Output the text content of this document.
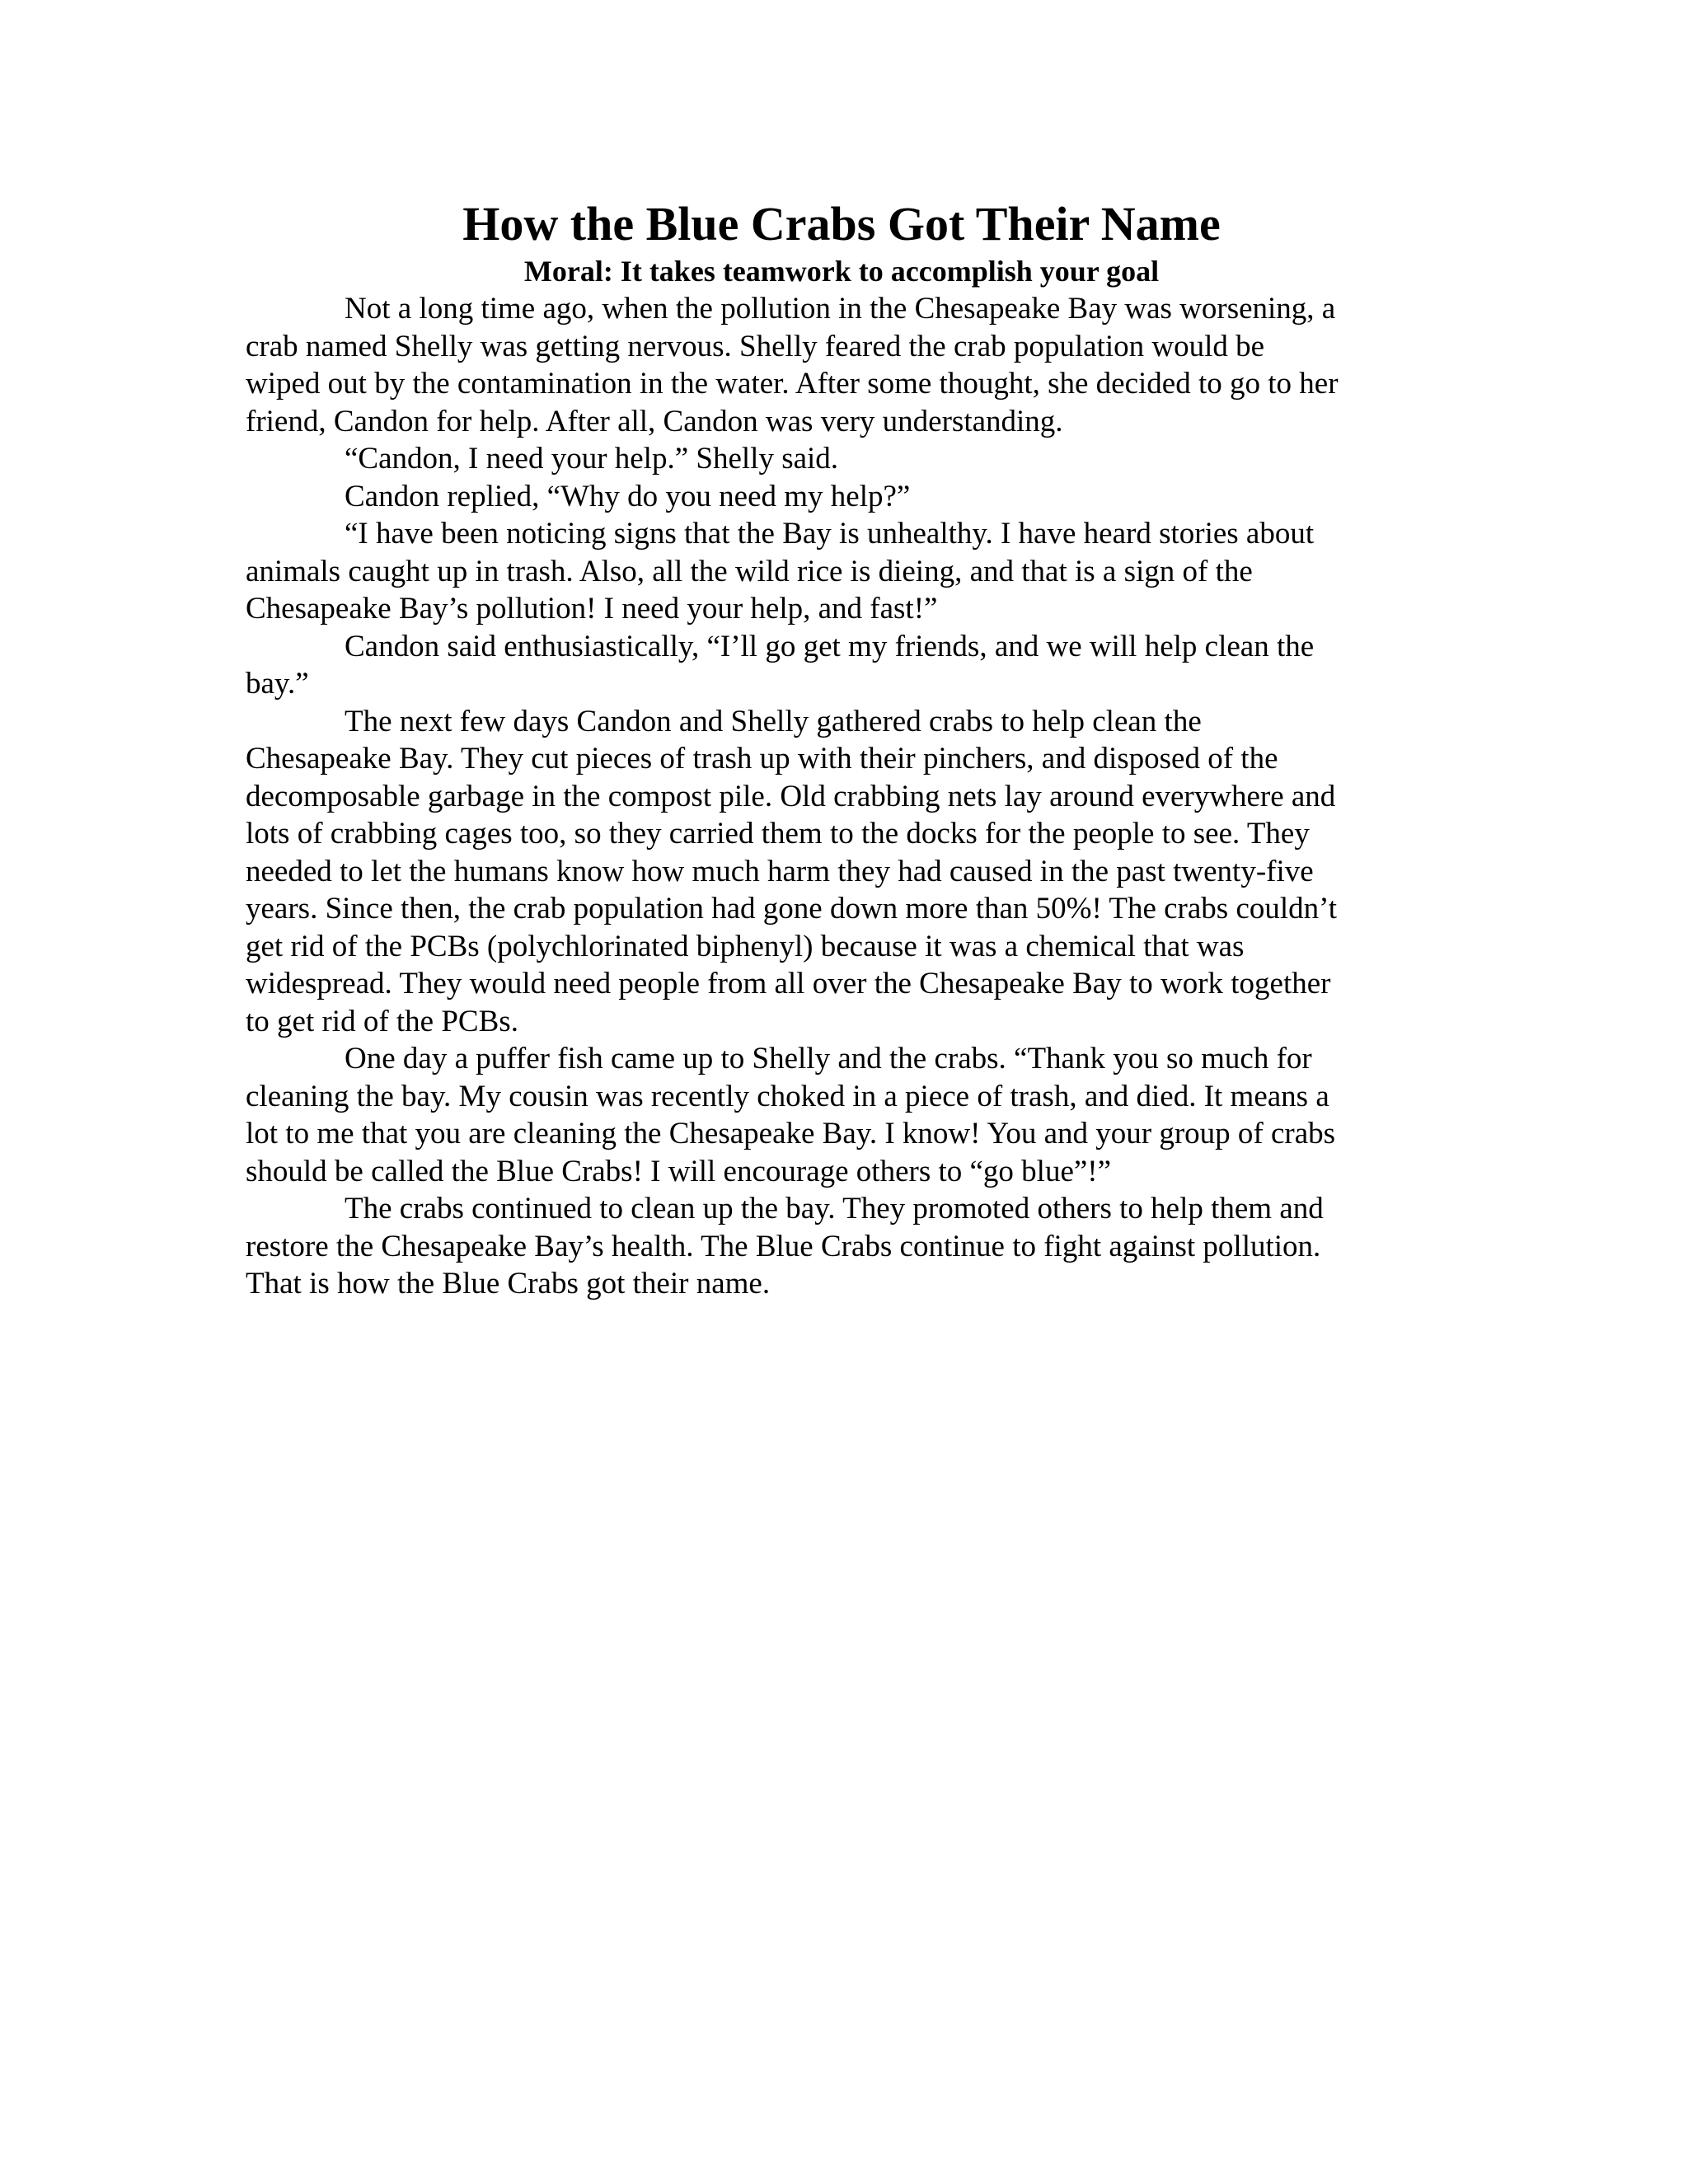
How the Blue Crabs Got Their Name
Moral: It takes teamwork to accomplish your goal

Not a long time ago, when the pollution in the Chesapeake Bay was worsening, a
crab named Shelly was getting nervous. Shelly feared the crab population would be
wiped out by the contamination in the water. After some thought, she decided to go to her
friend, Candon for help. After all, Candon was very understanding.

“Candon, I need your help.” Shelly said.

Candon replied, “Why do you need my help?”

“I have been noticing signs that the Bay is unhealthy. I have heard stories about
animals caught up in trash. Also, all the wild rice is dieing, and that is a sign of the
Chesapeake Bay’s pollution! I need your help, and fast!”

Candon said enthusiastically, “I’ll go get my friends, and we will help clean the
bay.”

The next few days Candon and Shelly gathered crabs to help clean the
Chesapeake Bay. They cut pieces of trash up with their pinchers, and disposed of the
decomposable garbage in the compost pile. Old crabbing nets lay around everywhere and
lots of crabbing cages too, so they carried them to the docks for the people to see. They
needed to let the humans know how much harm they had caused in the past twenty-five
years. Since then, the crab population had gone down more than 50%! The crabs couldn’t
get rid of the PCBs (polychlorinated biphenyl) because it was a chemical that was
widespread. They would need people from all over the Chesapeake Bay to work together
to get rid of the PCBs.

One day a puffer fish came up to Shelly and the crabs. “Thank you so much for
cleaning the bay. My cousin was recently choked in a piece of trash, and died. It means a
lot to me that you are cleaning the Chesapeake Bay. I know! You and your group of crabs
should be called the Blue Crabs! I will encourage others to “go blue”!”

The crabs continued to clean up the bay. They promoted others to help them and
restore the Chesapeake Bay’s health. The Blue Crabs continue to fight against pollution.
That is how the Blue Crabs got their name.
